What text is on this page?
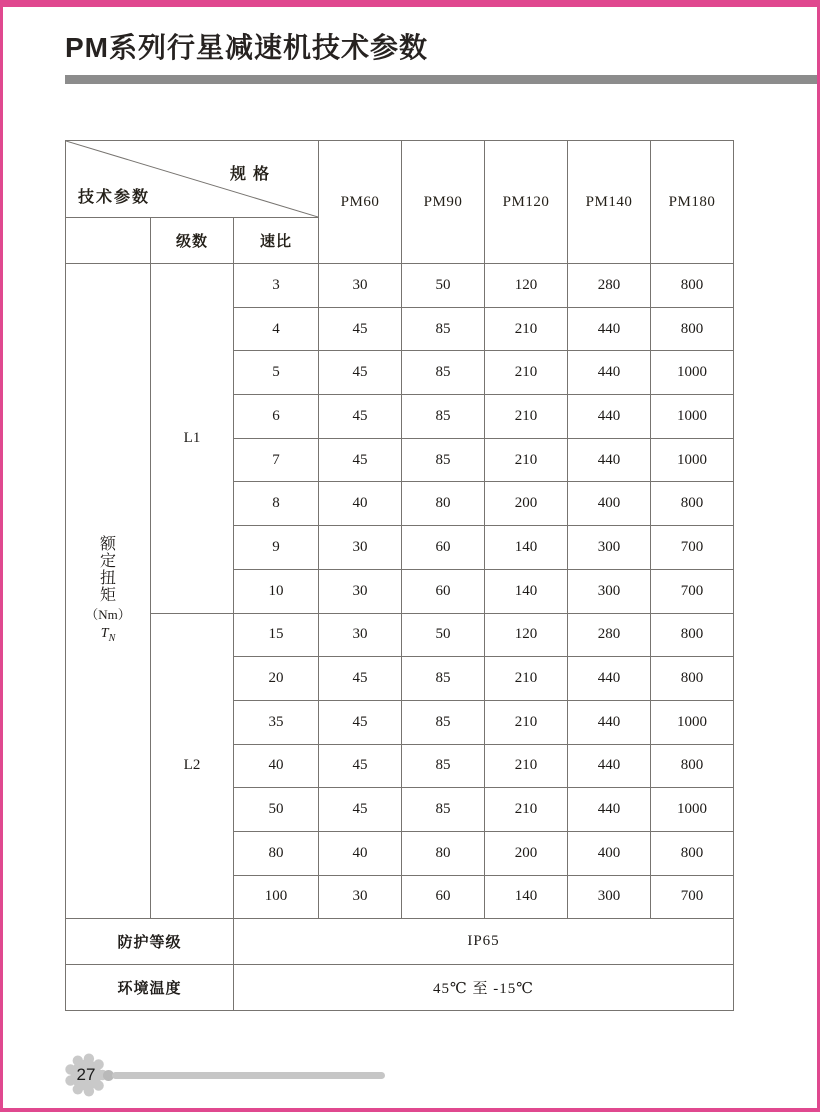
PM系列行星减速机技术参数
规格
技术参数			PM60	PM90	PM120	PM140	PM180
	级数	速比					

额
定
扭
矩
（Nm）
$T_N$
	L1	3	30	50	120	280	800
		4	45	85	210	440	800
		5	45	85	210	440	1000
		6	45	85	210	440	1000
		7	45	85	210	440	1000
		8	40	80	200	400	800
		9	30	60	140	300	700
		10	30	60	140	300	700
	L2	15	30	50	120	280	800
		20	45	85	210	440	800
		35	45	85	210	440	1000
		40	45	85	210	440	800
		50	45	85	210	440	1000
		80	40	80	200	400	800
		100	30	60	140	300	700
防护等级		IP65					
环境温度		45℃ 至 -15℃					
27
